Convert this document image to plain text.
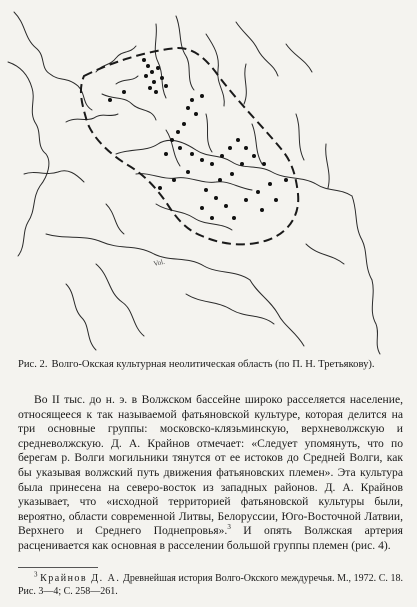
Vol.
Рис. 2. Волго-Окская культурная неолитическая область (по П. Н. Третьякову).

Во II тыс. до н. э. в Волжском бассейне широко расселяется население, относящееся к так называемой фатьяновской культуре, которая делится на три основные группы: московско-клязьминскую, верхневолжскую и средневолжскую. Д. А. Крайнов отмечает: «Следует упомянуть, что по берегам р. Волги могильники тянутся от ее истоков до Средней Волги, как бы указывая волжский путь движения фатьяновских племен». Эта культура была принесена на северо-восток из западных районов. Д. А. Крайнов указывает, что «исходной территорией фатьяновской культуры были, вероятно, области современной Литвы, Белоруссии, Юго-Восточной Латвии, Верхнего и Среднего Поднепровья».$^3$ И опять Волжская артерия расценивается как основная в расселении большой группы племен (рис. 4).

$^3$ Крайнов Д. А. Древнейшая история Волго-Окского междуречья. М., 1972. С. 18. Рис. 3—4; С. 258—261.
